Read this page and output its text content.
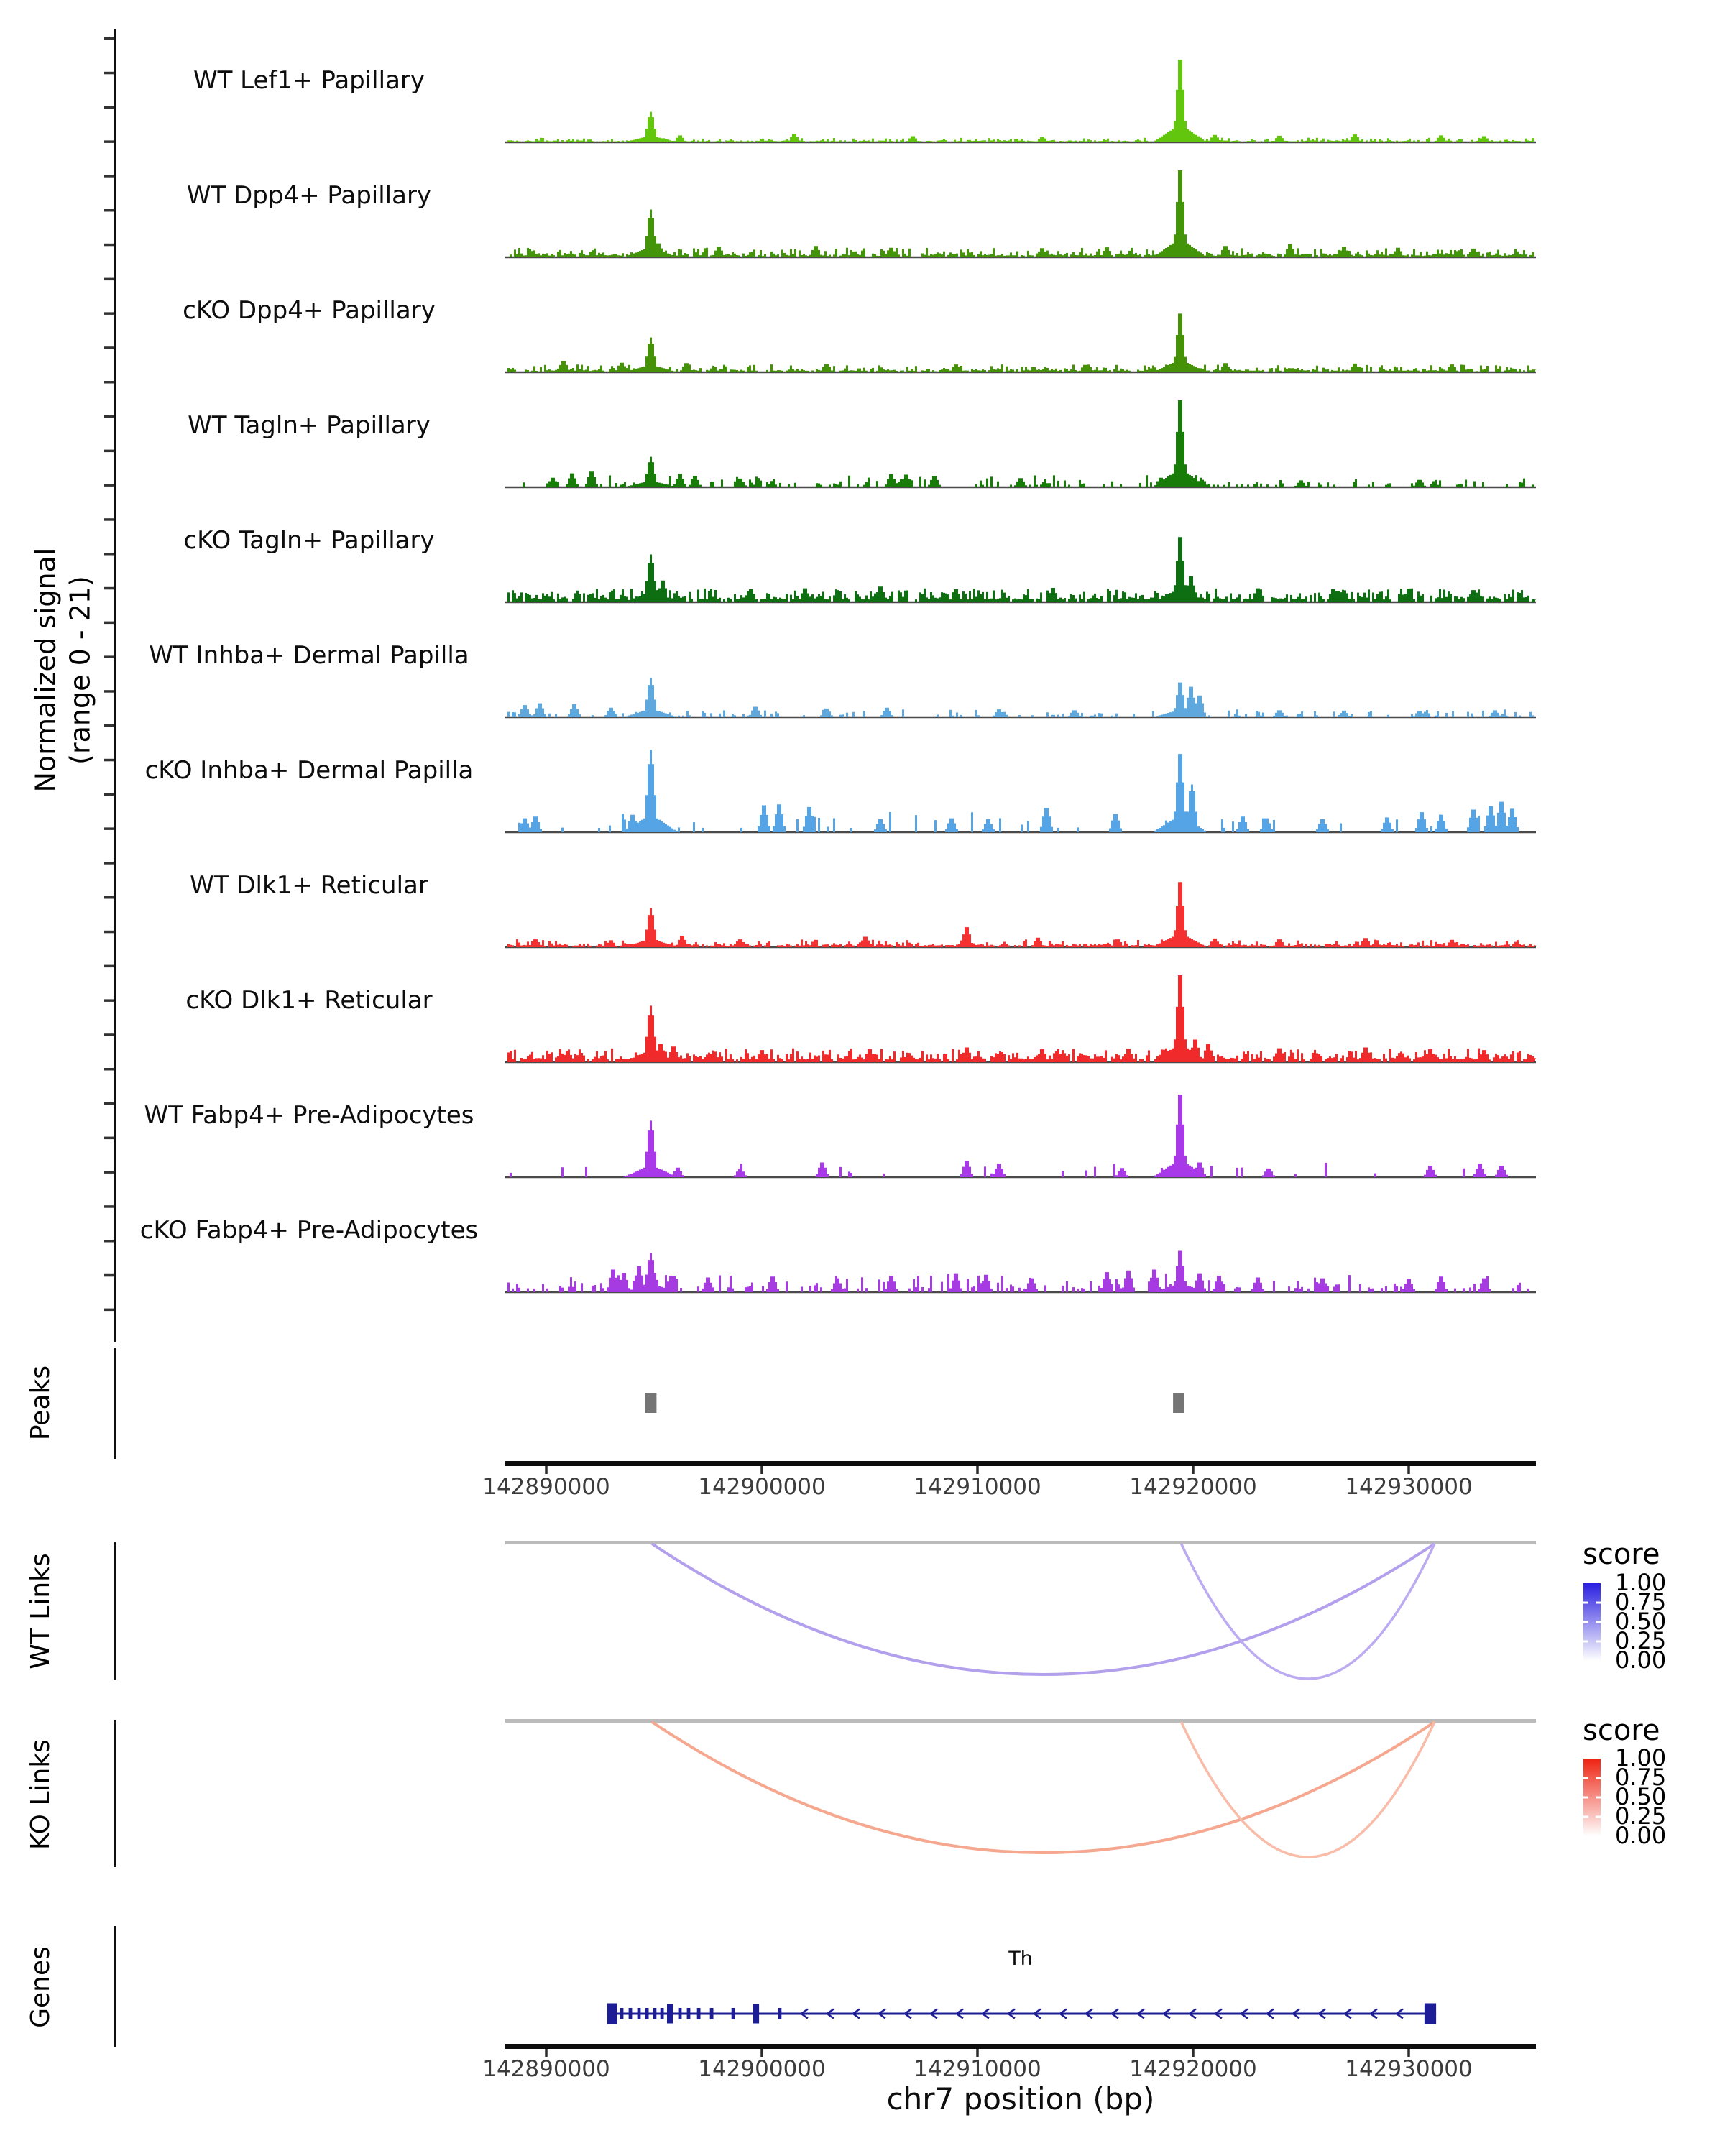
Normalized signal
(range 0 - 21)
WT Lef1+ Papillary
WT Dpp4+ Papillary
cKO Dpp4+ Papillary
WT Tagln+ Papillary
cKO Tagln+ Papillary
WT Inhba+ Dermal Papilla
cKO Inhba+ Dermal Papilla
WT Dlk1+ Reticular
cKO Dlk1+ Reticular
WT Fabp4+ Pre-Adipocytes
cKO Fabp4+ Pre-Adipocytes
Peaks
WT Links
KO Links
Genes
142890000	142900000	142910000	142920000	142930000
142890000	142900000	142910000	142920000	142930000
chr7 position (bp)
Th
score
1.00
0.75
0.50
0.25
0.00
score
1.00
0.75
0.50
0.25
0.00
